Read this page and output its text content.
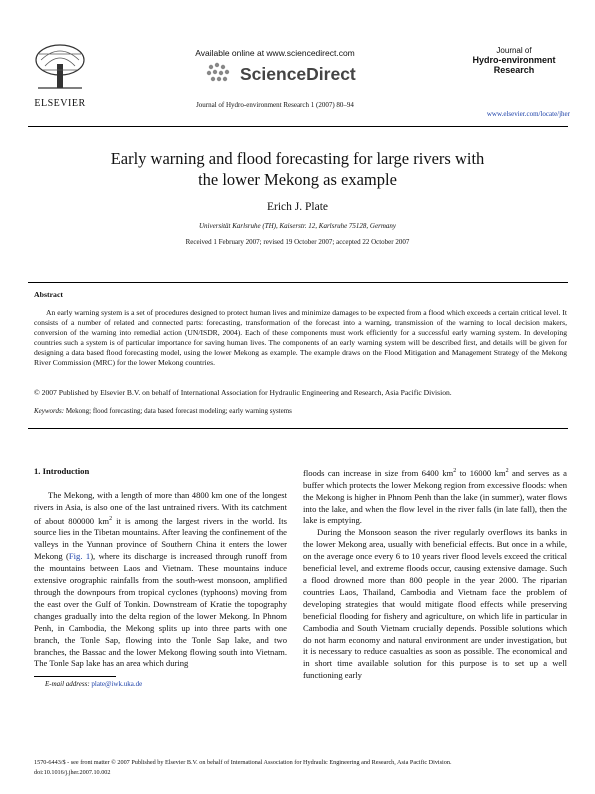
ELSEVIER
Available online at www.sciencedirect.com
ScienceDirect
Journal of Hydro-environment Research 1 (2007) 80–94
Journal of
Hydro-environment
Research
www.elsevier.com/locate/jher
Early warning and flood forecasting for large rivers with
the lower Mekong as example
Erich J. Plate
Universität Karlsruhe (TH), Kaiserstr. 12, Karlsruhe 75128, Germany
Received 1 February 2007; revised 19 October 2007; accepted 22 October 2007
Abstract

An early warning system is a set of procedures designed to protect human lives and minimize damages to be expected from a flood which exceeds a certain critical level. It consists of a number of related and connected parts: forecasting, transformation of the forecast into a warning, transmission of the warning to local decision makers, conversion of the warning into remedial action (UN/ISDR, 2004). Each of these components must work efficiently for a successful early warning system. In developing countries such a system is of particular importance for saving human lives. The components of an early warning system will be described first, and details will be given for designing a data based flood forecasting model, using the lower Mekong as example. The example draws on the Flood Mitigation and Management Strategy of the Mekong River Commission (MRC) for the lower Mekong countries.

© 2007 Published by Elsevier B.V. on behalf of International Association for Hydraulic Engineering and Research, Asia Pacific Division.
Keywords: Mekong; flood forecasting; data based forecast modeling; early warning systems

1. Introduction

The Mekong, with a length of more than 4800 km one of the longest rivers in Asia, is also one of the last untrained rivers. With its catchment of about 800000 $km^2$ it is among the largest rivers in the world. Its source lies in the Tibetan mountains. After leaving the confinement of the valleys in the Yunnan province of Southern China it enters the lower Mekong (Fig. 1), where its discharge is increased through runoff from the mountains between Laos and Vietnam. These mountains induce extensive orographic rainfalls from the south-west monsoon, amplified through the downpours from tropical cyclones (typhoons) moving from the east over the Gulf of Tonkin. Downstream of Kratie the topography changes gradually into the delta region of the lower Mekong. In Phnom Penh, in Cambodia, the Mekong splits up into three parts with one branch, the Tonle Sap, flowing into the Tonle Sap lake, and two branches, the Bassac and the lower Mekong flowing south into Vietnam. The Tonle Sap lake has an area which during

floods can increase in size from 6400 $km^2$ to 16000 $km^2$ and serves as a buffer which protects the lower Mekong region from excessive floods: when the Mekong is higher in Phnom Penh than the lake (in summer), water flows into the lake, and when the flow level in the river falls (in late fall), then the lake is emptying.

During the Monsoon season the river regularly overflows its banks in the lower Mekong area, usually with beneficial effects. But once in a while, on the average once every 6 to 10 years river flood levels exceed the critical beneficial level, and extreme floods occur, causing extensive damage. Such a flood drowned more than 800 people in the year 2000. The riparian countries Laos, Thailand, Cambodia and Vietnam face the problem of developing strategies that would mitigate flood effects while preserving beneficial flooding for fishery and agriculture, on which life in particular in Cambodia and South Vietnam crucially depends. Possible solutions which do not harm economy and natural environment are under investigation, but it is necessary to reduce casualties as soon as possible. The economical and in short time available solution for this purpose is to set up a well functioning early

E-mail address: plate@iwk.uka.de
1570-6443/$ - see front matter © 2007 Published by Elsevier B.V. on behalf of International Association for Hydraulic Engineering and Research, Asia Pacific Division.
doi:10.1016/j.jher.2007.10.002
